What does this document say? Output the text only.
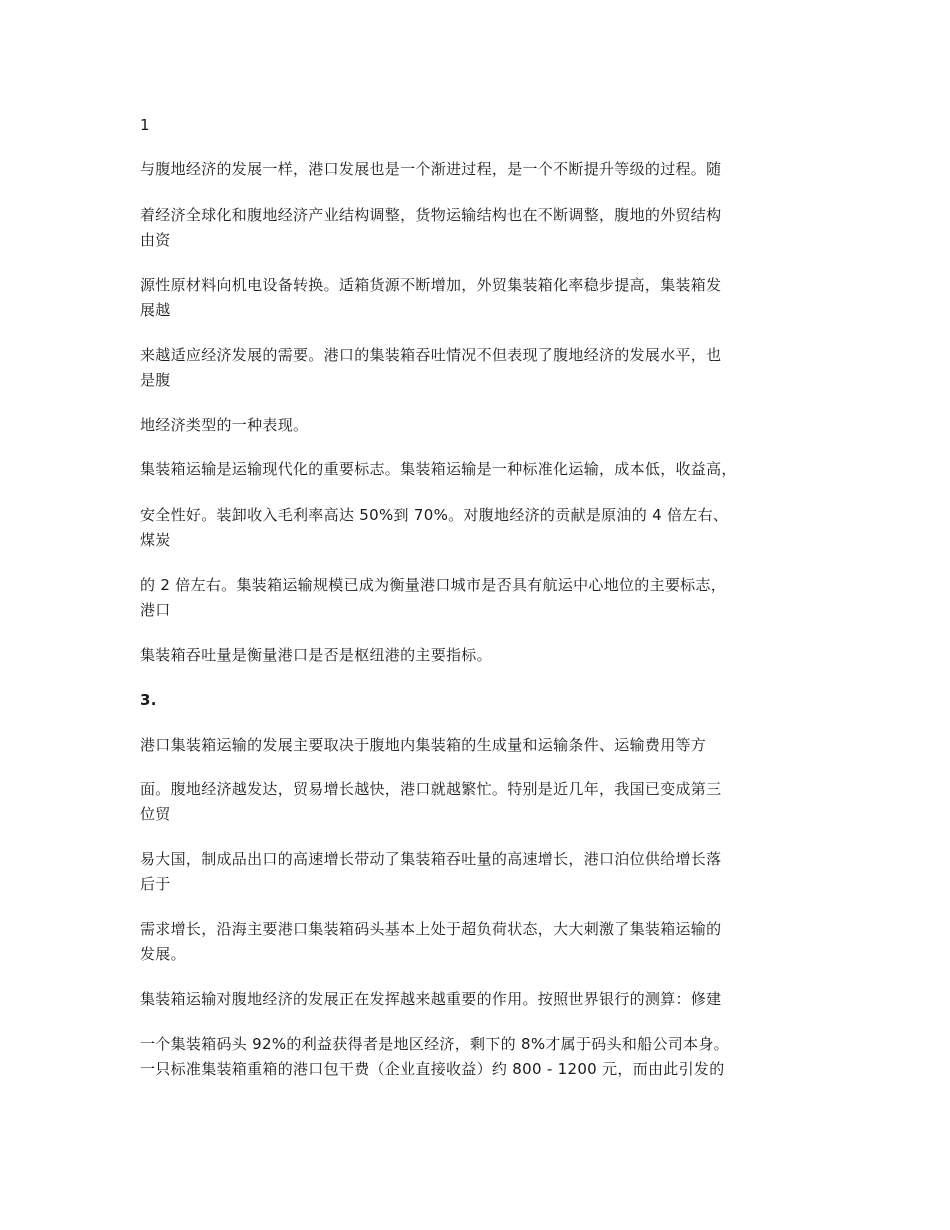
1
与腹地经济的发展一样，港口发展也是一个渐进过程，是一个不断提升等级的过程。随
着经济全球化和腹地经济产业结构调整，货物运输结构也在不断调整，腹地的外贸结构
由资
源性原材料向机电设备转换。适箱货源不断增加，外贸集装箱化率稳步提高，集装箱发
展越
来越适应经济发展的需要。港口的集装箱吞吐情况不但表现了腹地经济的发展水平，也
是腹
地经济类型的一种表现。
集装箱运输是运输现代化的重要标志。集装箱运输是一种标准化运输，成本低，收益高，
安全性好。装卸收入毛利率高达 50%到 70%。对腹地经济的贡献是原油的 4 倍左右、
煤炭
的 2 倍左右。集装箱运输规模已成为衡量港口城市是否具有航运中心地位的主要标志，
港口
集装箱吞吐量是衡量港口是否是枢纽港的主要指标。
3.
港口集装箱运输的发展主要取决于腹地内集装箱的生成量和运输条件、运输费用等方
面。腹地经济越发达，贸易增长越快，港口就越繁忙。特别是近几年，我国已变成第三
位贸
易大国，制成品出口的高速增长带动了集装箱吞吐量的高速增长，港口泊位供给增长落
后于
需求增长，沿海主要港口集装箱码头基本上处于超负荷状态，大大刺激了集装箱运输的
发展。
集装箱运输对腹地经济的发展正在发挥越来越重要的作用。按照世界银行的测算：修建
一个集装箱码头 92%的利益获得者是地区经济，剩下的 8%才属于码头和船公司本身。
一只标准集装箱重箱的港口包干费（企业直接收益）约 800 - 1200 元，而由此引发的
